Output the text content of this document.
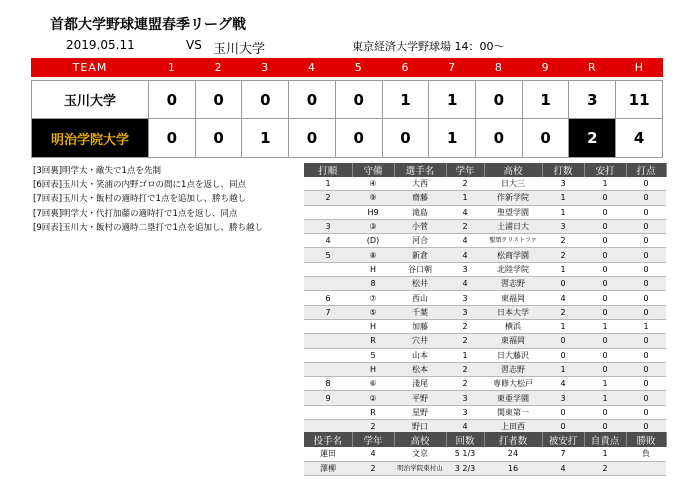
首都大学野球連盟春季リーグ戦
2019.05.11	VS 玉川大学	東京経済大学野球場 14：00～
TEAM	1	2	3	4	5	6	7	8	9	R	H

玉川大学	0	0	0	0	0	1	1	0	1	3	11
明治学院大学	0	0	1	0	0	0	1	0	0	2	4
[3回裏]明学大・敵失で1点を先制
[6回表]玉川大・笑浦の内野ゴロの間に1点を返し、同点
[7回表]玉川大・飯村の適時打で1点を追加し、勝ち越し
[7回裏]明学大・代打加藤の適時打で1点を返し、同点
[9回表]玉川大・飯村の適時二塁打で1点を追加し、勝ち越し
打順	守備	選手名	学年	高校	打数	安打	打点
1	④	大西	2	日大三	3	1	0
2	⑨	齋藤	1	作新学院	1	0	0
	H9	滝島	4	聖望学園	1	0	0
3	③	小菅	2	土浦日大	3	0	0
4	(D)	河合	4	聖頌クリストファ	2	0	0
5	⑧	新倉	4	松商学園	2	0	0
	H	谷口朝	3	北陸学院	1	0	0
	8	松井	4	習志野	0	0	0
6	⑦	西山	3	東福岡	4	0	0
7	⑤	千葉	3	日本大学	2	0	0
	H	加藤	2	横浜	1	1	1
	R	穴井	2	東福岡	0	0	0
	5	山本	1	日大藤沢	0	0	0
	H	松本	2	習志野	1	0	0
8	⑥	淺尾	2	専修大松戸	4	1	0
9	②	平野	3	東亜学園	3	1	0
	R	星野	3	関東第一	0	0	0
	2	野口	4	上田西	0	0	0
投手名	学年	高校	回数	打者数	被安打	自責点	勝敗
蓮田	4	文京	5 1/3	24	7	1	負
澤柳	2	明治学院東村山	3 2/3	16	4	2	
